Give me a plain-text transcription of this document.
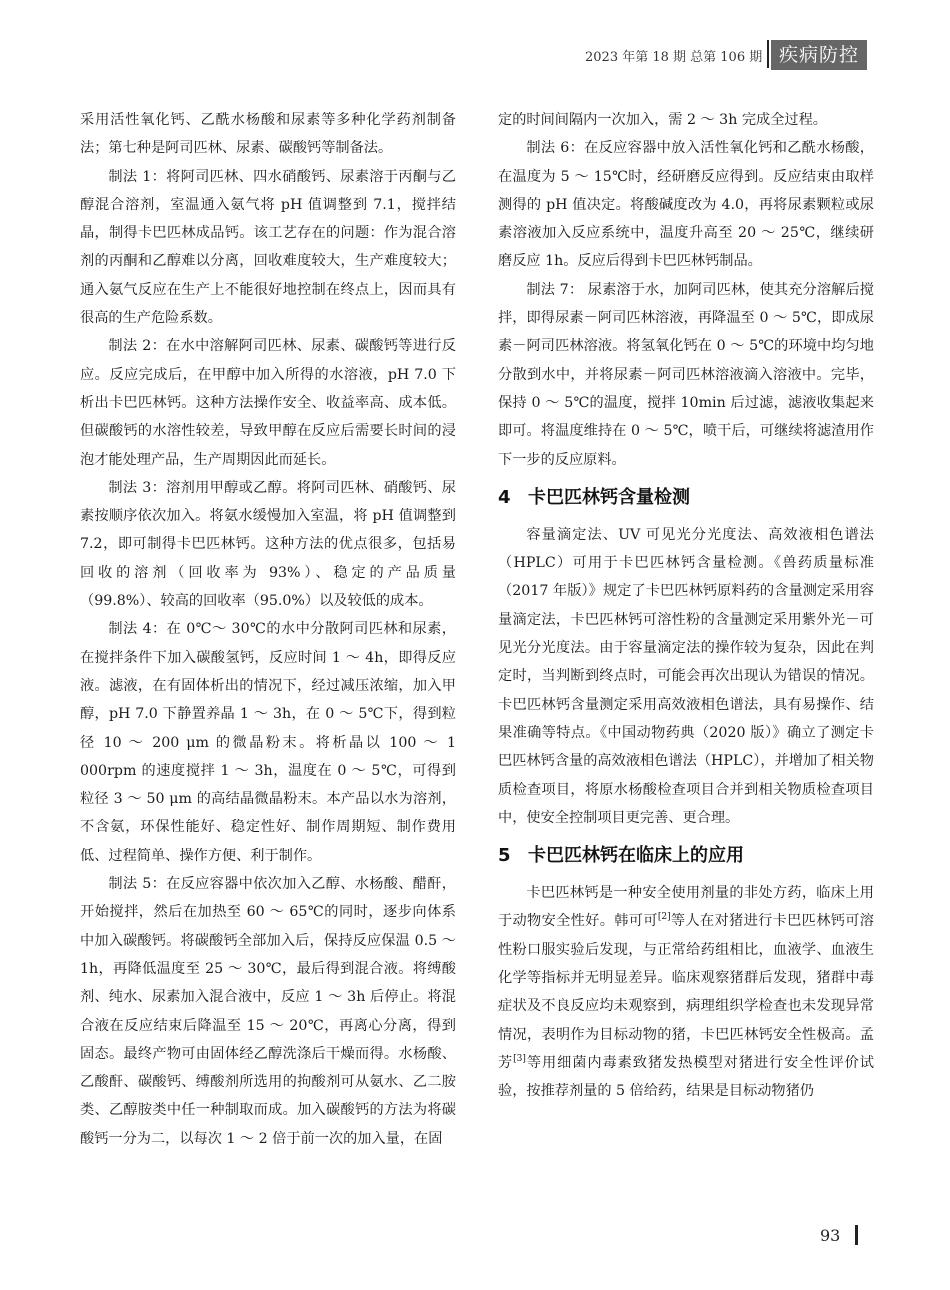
2023 年第 18 期 总第 106 期 疾病防控

采用活性氧化钙、乙酰水杨酸和尿素等多种化学药剂制备法；第七种是阿司匹林、尿素、碳酸钙等制备法。

制法 1：将阿司匹林、四水硝酸钙、尿素溶于丙酮与乙醇混合溶剂，室温通入氨气将 pH 值调整到 7.1，搅拌结晶，制得卡巴匹林成品钙。该工艺存在的问题：作为混合溶剂的丙酮和乙醇难以分离，回收难度较大，生产难度较大；通入氨气反应在生产上不能很好地控制在终点上，因而具有很高的生产危险系数。

制法 2：在水中溶解阿司匹林、尿素、碳酸钙等进行反应。反应完成后，在甲醇中加入所得的水溶液，pH 7.0 下析出卡巴匹林钙。这种方法操作安全、收益率高、成本低。但碳酸钙的水溶性较差，导致甲醇在反应后需要长时间的浸泡才能处理产品，生产周期因此而延长。

制法 3：溶剂用甲醇或乙醇。将阿司匹林、硝酸钙、尿素按顺序依次加入。将氨水缓慢加入室温，将 pH 值调整到 7.2，即可制得卡巴匹林钙。这种方法的优点很多，包括易回收的溶剂（回收率为 93%）、稳定的产品质量（99.8%）、较高的回收率（95.0%）以及较低的成本。

制法 4：在 0℃～ 30℃的水中分散阿司匹林和尿素，在搅拌条件下加入碳酸氢钙，反应时间 1 ～ 4h，即得反应液。滤液，在有固体析出的情况下，经过减压浓缩，加入甲醇，pH 7.0 下静置养晶 1 ～ 3h，在 0 ～ 5℃下，得到粒径 10 ～ 200 μm 的微晶粉末。将析晶以 100 ～ 1 000rpm 的速度搅拌 1 ～ 3h，温度在 0 ～ 5℃，可得到粒径 3 ～ 50 μm 的高结晶微晶粉末。本产品以水为溶剂，不含氨，环保性能好、稳定性好、制作周期短、制作费用低、过程简单、操作方便、利于制作。

制法 5：在反应容器中依次加入乙醇、水杨酸、醋酐，开始搅拌，然后在加热至 60 ～ 65℃的同时，逐步向体系中加入碳酸钙。将碳酸钙全部加入后，保持反应保温 0.5 ～ 1h，再降低温度至 25 ～ 30℃，最后得到混合液。将缚酸剂、纯水、尿素加入混合液中，反应 1 ～ 3h 后停止。将混合液在反应结束后降温至 15 ～ 20℃，再离心分离，得到固态。最终产物可由固体经乙醇洗涤后干燥而得。水杨酸、乙酸酐、碳酸钙、缚酸剂所选用的拘酸剂可从氨水、乙二胺类、乙醇胺类中任一种制取而成。加入碳酸钙的方法为将碳酸钙一分为二，以每次 1 ～ 2 倍于前一次的加入量，在固

定的时间间隔内一次加入，需 2 ～ 3h 完成全过程。

制法 6：在反应容器中放入活性氧化钙和乙酰水杨酸，在温度为 5 ～ 15℃时，经研磨反应得到。反应结束由取样测得的 pH 值决定。将酸碱度改为 4.0，再将尿素颗粒或尿素溶液加入反应系统中，温度升高至 20 ～ 25℃，继续研磨反应 1h。反应后得到卡巴匹林钙制品。

制法 7： 尿素溶于水，加阿司匹林，使其充分溶解后搅拌，即得尿素－阿司匹林溶液，再降温至 0 ～ 5℃，即成尿素－阿司匹林溶液。将氢氧化钙在 0 ～ 5℃的环境中均匀地分散到水中，并将尿素－阿司匹林溶液滴入溶液中。完毕，保持 0 ～ 5℃的温度，搅拌 10min 后过滤，滤液收集起来即可。将温度维持在 0 ～ 5℃，喷干后，可继续将滤渣用作下一步的反应原料。

4 卡巴匹林钙含量检测

容量滴定法、UV 可见光分光度法、高效液相色谱法（HPLC）可用于卡巴匹林钙含量检测。《兽药质量标准（2017 年版）》规定了卡巴匹林钙原料药的含量测定采用容量滴定法，卡巴匹林钙可溶性粉的含量测定采用紫外光－可见光分光度法。由于容量滴定法的操作较为复杂，因此在判定时，当判断到终点时，可能会再次出现认为错误的情况。卡巴匹林钙含量测定采用高效液相色谱法，具有易操作、结果准确等特点。《中国动物药典（2020 版）》确立了测定卡巴匹林钙含量的高效液相色谱法（HPLC），并增加了相关物质检查项目，将原水杨酸检查项目合并到相关物质检查项目中，使安全控制项目更完善、更合理。

5 卡巴匹林钙在临床上的应用

卡巴匹林钙是一种安全使用剂量的非处方药，临床上用于动物安全性好。韩可可[2]等人在对猪进行卡巴匹林钙可溶性粉口服实验后发现，与正常给药组相比，血液学、血液生化学等指标并无明显差异。临床观察猪群后发现，猪群中毒症状及不良反应均未观察到，病理组织学检查也未发现异常情况，表明作为目标动物的猪，卡巴匹林钙安全性极高。孟芳[3]等用细菌内毒素致猪发热模型对猪进行安全性评价试验，按推荐剂量的 5 倍给药，结果是目标动物猪仍

93
